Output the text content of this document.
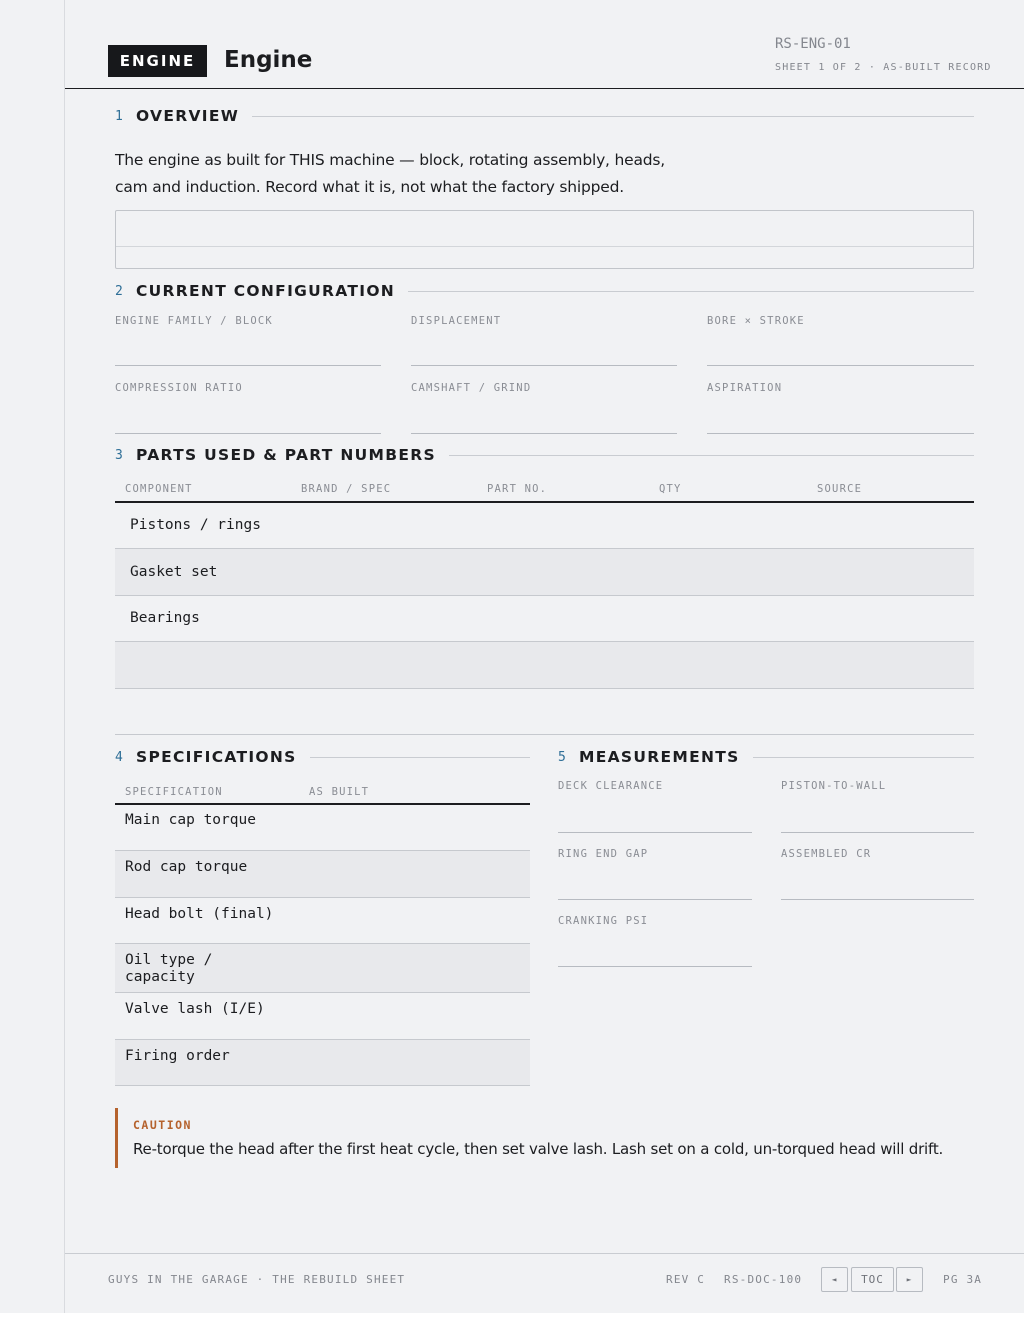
ENGINE	Engine
RS-ENG-01
SHEET 1 OF 2 · AS-BUILT RECORD
1 OVERVIEW
The engine as built for THIS machine — block, rotating assembly, heads, cam and induction. Record what it is, not what the factory shipped.
2 CURRENT CONFIGURATION
ENGINE FAMILY / BLOCK	DISPLACEMENT	BORE × STROKE
COMPRESSION RATIO	CAMSHAFT / GRIND	ASPIRATION
3 PARTS USED & PART NUMBERS
COMPONENT	BRAND / SPEC	PART NO.	QTY	SOURCE
Pistons / rings
Gasket set
Bearings
4 SPECIFICATIONS
SPECIFICATION	AS BUILT
Main cap torque
Rod cap torque
Head bolt (final)
Oil type / capacity
Valve lash (I/E)
Firing order
5 MEASUREMENTS
DECK CLEARANCE	PISTON-TO-WALL
RING END GAP	ASSEMBLED CR
CRANKING PSI
CAUTION
Re-torque the head after the first heat cycle, then set valve lash. Lash set on a cold, un-torqued head will drift.
GUYS IN THE GARAGE · THE REBUILD SHEET	REV C RS-DOC-100	◄	TOC	►	PG 3A
